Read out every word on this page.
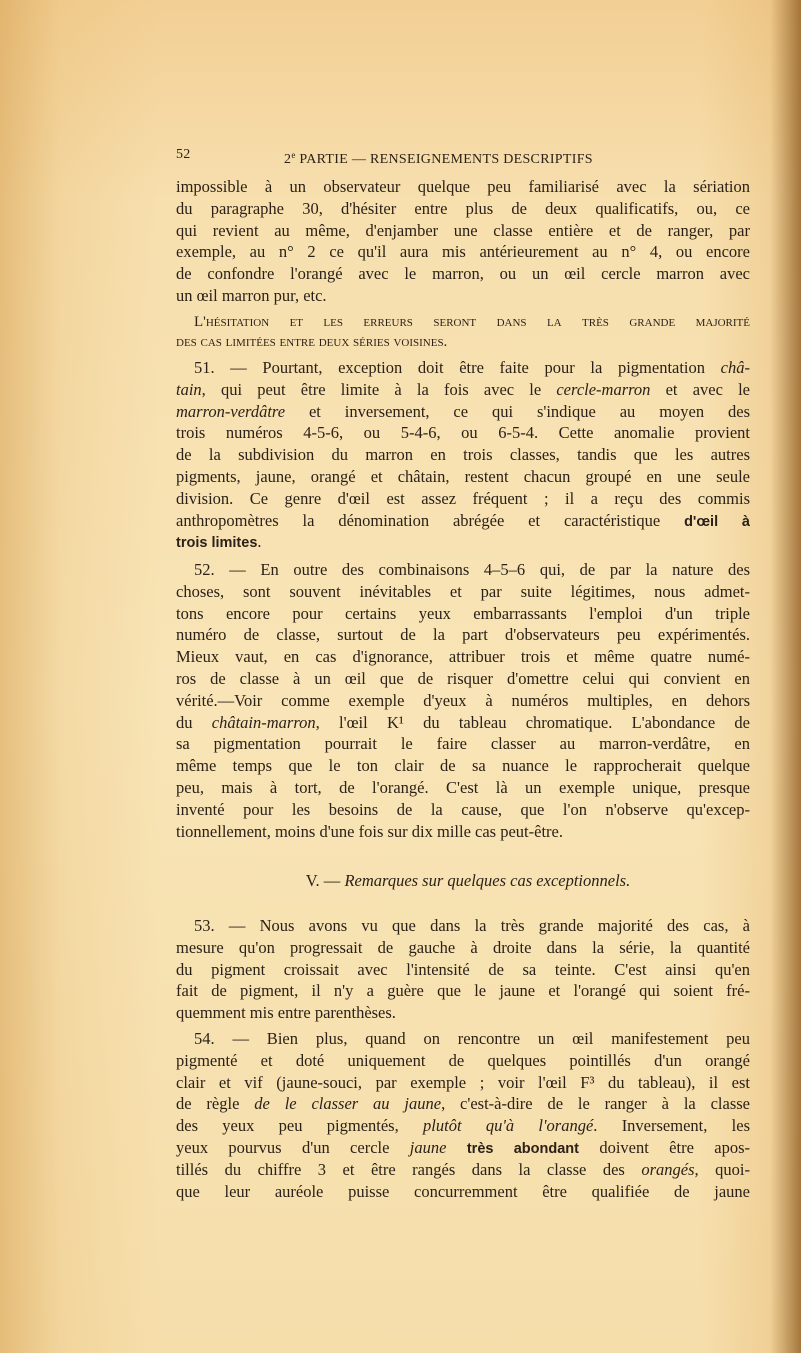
52	2e PARTIE — RENSEIGNEMENTS DESCRIPTIFS
impossible à un observateur quelque peu familiarisé avec la sériation
du paragraphe 30, d'hésiter entre plus de deux qualificatifs, ou, ce
qui revient au même, d'enjamber une classe entière et de ranger, par
exemple, au n° 2 ce qu'il aura mis antérieurement au n° 4, ou encore
de confondre l'orangé avec le marron, ou un œil cercle marron avec
un œil marron pur, etc.
L'hésitation et les erreurs seront dans la très grande majorité
des cas limitées entre deux séries voisines.
51. — Pourtant, exception doit être faite pour la pigmentation châ-
tain, qui peut être limite à la fois avec le cercle-marron et avec le
marron-verdâtre et inversement, ce qui s'indique au moyen des
trois numéros 4-5-6, ou 5-4-6, ou 6-5-4. Cette anomalie provient
de la subdivision du marron en trois classes, tandis que les autres
pigments, jaune, orangé et châtain, restent chacun groupé en une seule
division. Ce genre d'œil est assez fréquent ; il a reçu des commis
anthropomètres la dénomination abrégée et caractéristique d'œil à
trois limites.
52. — En outre des combinaisons 4–5–6 qui, de par la nature des
choses, sont souvent inévitables et par suite légitimes, nous admet-
tons encore pour certains yeux embarrassants l'emploi d'un triple
numéro de classe, surtout de la part d'observateurs peu expérimentés.
Mieux vaut, en cas d'ignorance, attribuer trois et même quatre numé-
ros de classe à un œil que de risquer d'omettre celui qui convient en
vérité.—Voir comme exemple d'yeux à numéros multiples, en dehors
du châtain-marron, l'œil K¹ du tableau chromatique. L'abondance de
sa pigmentation pourrait le faire classer au marron-verdâtre, en
même temps que le ton clair de sa nuance le rapprocherait quelque
peu, mais à tort, de l'orangé. C'est là un exemple unique, presque
inventé pour les besoins de la cause, que l'on n'observe qu'excep-
tionnellement, moins d'une fois sur dix mille cas peut-être.
V. — Remarques sur quelques cas exceptionnels.
53. — Nous avons vu que dans la très grande majorité des cas, à
mesure qu'on progressait de gauche à droite dans la série, la quantité
du pigment croissait avec l'intensité de sa teinte. C'est ainsi qu'en
fait de pigment, il n'y a guère que le jaune et l'orangé qui soient fré-
quemment mis entre parenthèses.
54. — Bien plus, quand on rencontre un œil manifestement peu
pigmenté et doté uniquement de quelques pointillés d'un orangé
clair et vif (jaune-souci, par exemple ; voir l'œil F³ du tableau), il est
de règle de le classer au jaune, c'est-à-dire de le ranger à la classe
des yeux peu pigmentés, plutôt qu'à l'orangé. Inversement, les
yeux pourvus d'un cercle jaune très abondant doivent être apos-
tillés du chiffre 3 et être rangés dans la classe des orangés, quoi-
que leur auréole puisse concurremment être qualifiée de jaune
